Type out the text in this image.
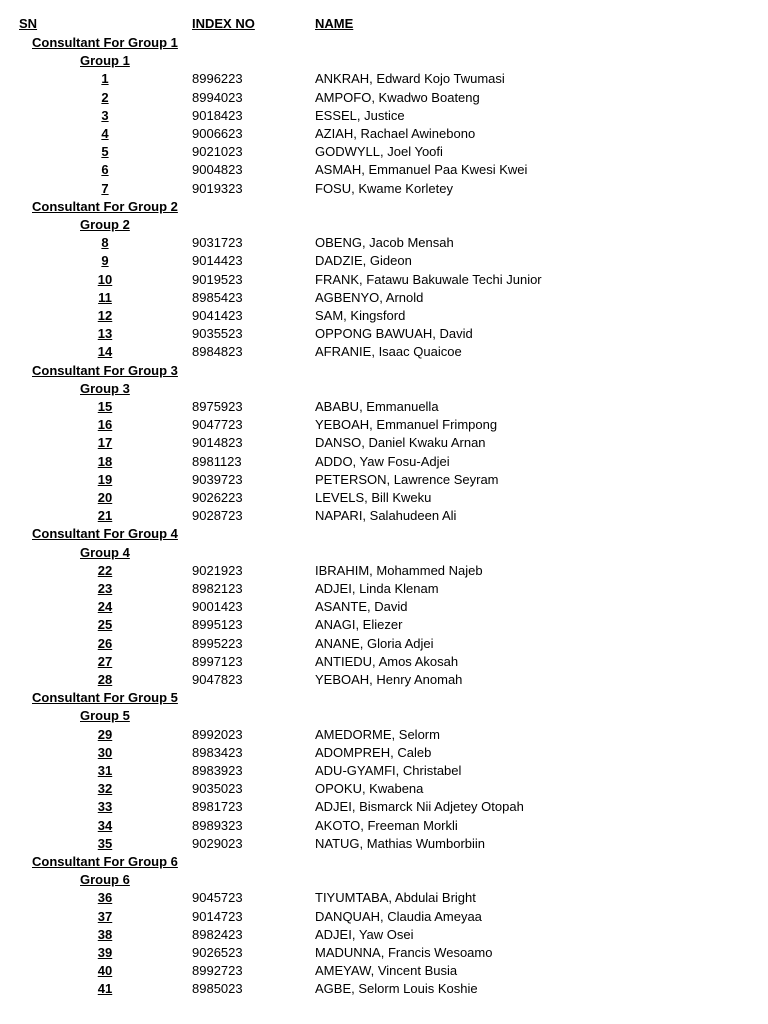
SN	INDEX NO	NAME
Consultant For Group 1
Group 1
1	8996223	ANKRAH, Edward Kojo Twumasi
2	8994023	AMPOFO, Kwadwo Boateng
3	9018423	ESSEL, Justice
4	9006623	AZIAH, Rachael Awinebono
5	9021023	GODWYLL, Joel Yoofi
6	9004823	ASMAH, Emmanuel Paa Kwesi Kwei
7	9019323	FOSU, Kwame Korletey
Consultant For Group 2
Group 2
8	9031723	OBENG, Jacob Mensah
9	9014423	DADZIE, Gideon
10	9019523	FRANK, Fatawu Bakuwale Techi Junior
11	8985423	AGBENYO, Arnold
12	9041423	SAM, Kingsford
13	9035523	OPPONG BAWUAH, David
14	8984823	AFRANIE, Isaac Quaicoe
Consultant For Group 3
Group 3
15	8975923	ABABU, Emmanuella
16	9047723	YEBOAH, Emmanuel Frimpong
17	9014823	DANSO, Daniel Kwaku Arnan
18	8981123	ADDO, Yaw Fosu-Adjei
19	9039723	PETERSON, Lawrence Seyram
20	9026223	LEVELS, Bill Kweku
21	9028723	NAPARI, Salahudeen Ali
Consultant For Group 4
Group 4
22	9021923	IBRAHIM, Mohammed Najeb
23	8982123	ADJEI, Linda Klenam
24	9001423	ASANTE, David
25	8995123	ANAGI, Eliezer
26	8995223	ANANE, Gloria Adjei
27	8997123	ANTIEDU, Amos Akosah
28	9047823	YEBOAH, Henry Anomah
Consultant For Group 5
Group 5
29	8992023	AMEDORME, Selorm
30	8983423	ADOMPREH, Caleb
31	8983923	ADU-GYAMFI, Christabel
32	9035023	OPOKU, Kwabena
33	8981723	ADJEI, Bismarck Nii Adjetey Otopah
34	8989323	AKOTO, Freeman Morkli
35	9029023	NATUG, Mathias Wumborbiin
Consultant For Group 6
Group 6
36	9045723	TIYUMTABA, Abdulai Bright
37	9014723	DANQUAH, Claudia Ameyaa
38	8982423	ADJEI, Yaw Osei
39	9026523	MADUNNA, Francis Wesoamo
40	8992723	AMEYAW, Vincent Busia
41	8985023	AGBE, Selorm Louis Koshie
